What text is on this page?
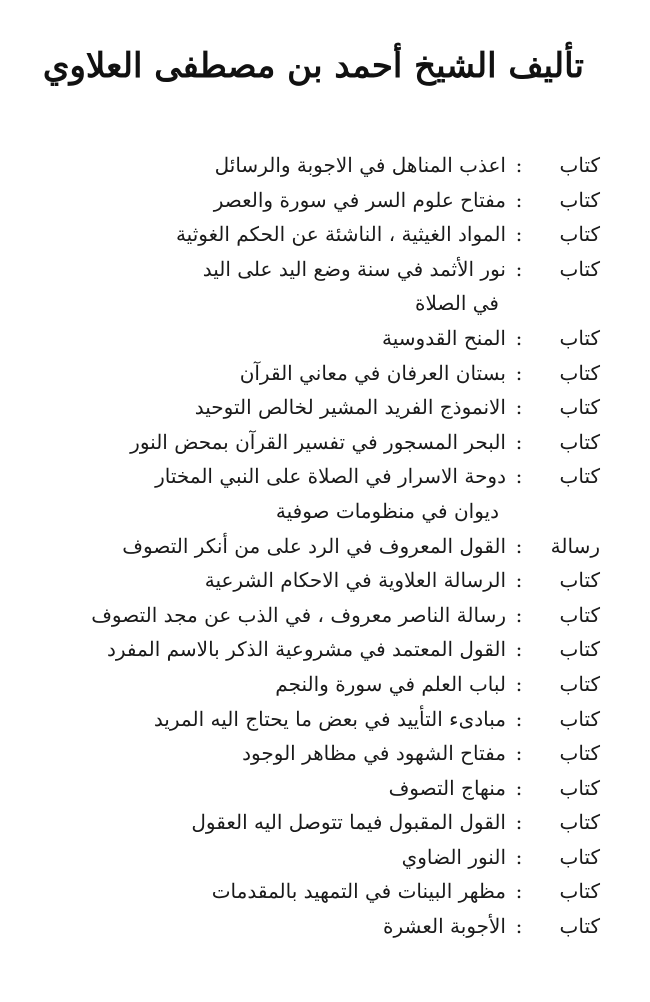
تأليف الشيخ أحمد بن مصطفى العلاوي
كتاب
:
اعذب المناهل في الاجوبة والرسائل
كتاب
:
مفتاح علوم السر في سورة والعصر
كتاب
:
المواد الغيثية ، الناشئة عن الحكم الغوثية
كتاب
:
نور الأثمد في سنة وضع اليد على اليد
في الصلاة
كتاب
:
المنح القدوسية
كتاب
:
بستان العرفان في معاني القرآن
كتاب
:
الانموذج الفريد المشير لخالص التوحيد
كتاب
:
البحر المسجور في تفسير القرآن بمحض النور
كتاب
:
دوحة الاسرار في الصلاة على النبي المختار
ديوان في منظومات صوفية
رسالة
:
القول المعروف في الرد على من أنكر التصوف
كتاب
:
الرسالة العلاوية في الاحكام الشرعية
كتاب
:
رسالة الناصر معروف ، في الذب عن مجد التصوف
كتاب
:
القول المعتمد في مشروعية الذكر بالاسم المفرد
كتاب
:
لباب العلم في سورة والنجم
كتاب
:
مبادىء التأييد في بعض ما يحتاج اليه المريد
كتاب
:
مفتاح الشهود في مظاهر الوجود
كتاب
:
منهاج التصوف
كتاب
:
القول المقبول فيما تتوصل اليه العقول
كتاب
:
النور الضاوي
كتاب
:
مظهر البينات في التمهيد بالمقدمات
كتاب
:
الأجوبة العشرة
